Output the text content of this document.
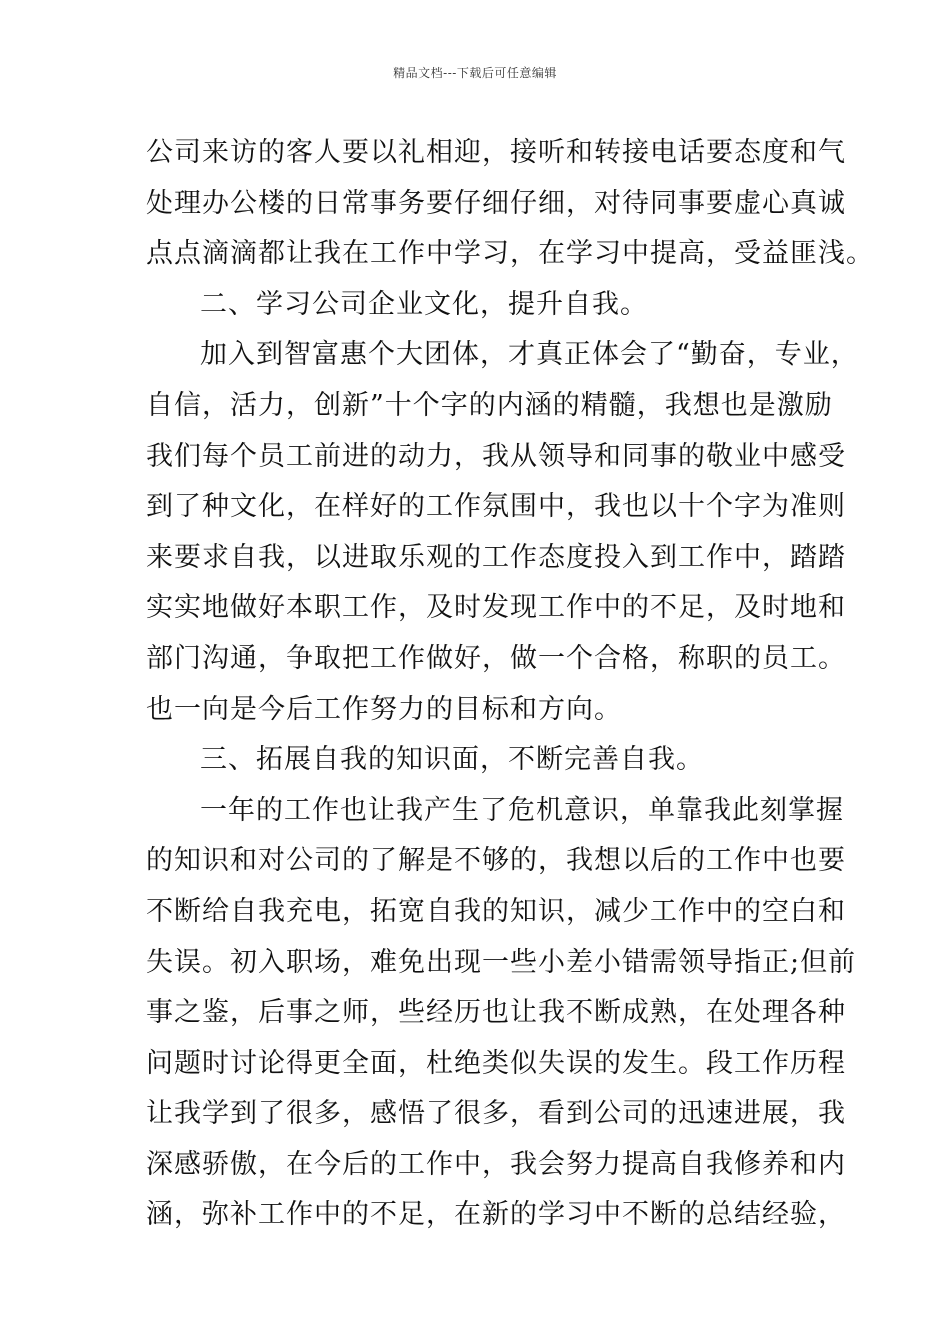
精品文档---下载后可任意编辑
公司来访的客人要以礼相迎，接听和转接电话要态度和气
处理办公楼的日常事务要仔细仔细，对待同事要虚心真诚
点点滴滴都让我在工作中学习，在学习中提高，受益匪浅。
二、学习公司企业文化，提升自我。
加入到智富惠个大团体，才真正体会了“勤奋，专业，
自信，活力，创新”十个字的内涵的精髓，我想也是激励
我们每个员工前进的动力，我从领导和同事的敬业中感受
到了种文化，在样好的工作氛围中，我也以十个字为准则
来要求自我，以进取乐观的工作态度投入到工作中，踏踏
实实地做好本职工作，及时发现工作中的不足，及时地和
部门沟通，争取把工作做好，做一个合格，称职的员工。
也一向是今后工作努力的目标和方向。
三、拓展自我的知识面，不断完善自我。
一年的工作也让我产生了危机意识，单靠我此刻掌握
的知识和对公司的了解是不够的，我想以后的工作中也要
不断给自我充电，拓宽自我的知识，减少工作中的空白和
失误。初入职场，难免出现一些小差小错需领导指正;但前
事之鉴，后事之师，些经历也让我不断成熟，在处理各种
问题时讨论得更全面，杜绝类似失误的发生。段工作历程
让我学到了很多，感悟了很多，看到公司的迅速进展，我
深感骄傲，在今后的工作中，我会努力提高自我修养和内
涵，弥补工作中的不足，在新的学习中不断的总结经验，
